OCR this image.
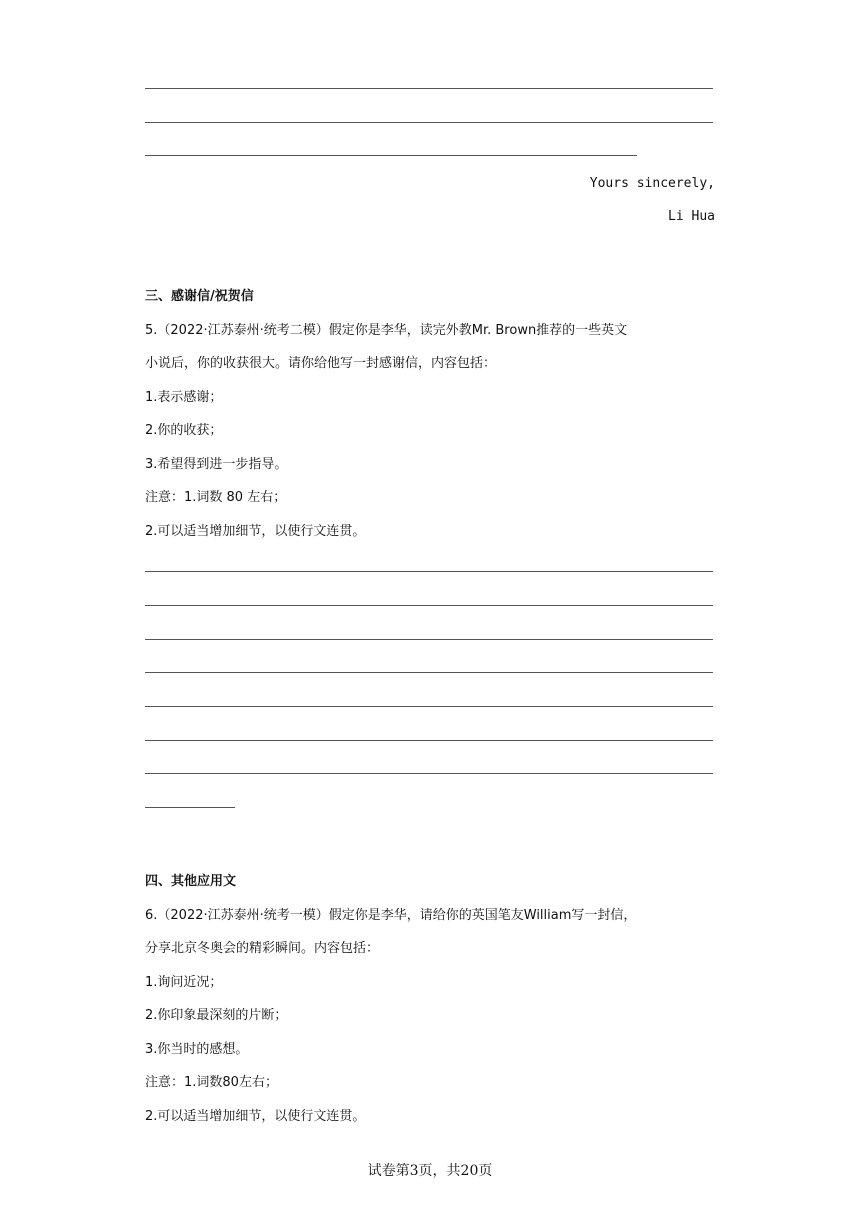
Yours sincerely,
Li Hua
三、感谢信/祝贺信
5.（2022·江苏泰州·统考二模）假定你是李华，读完外教Mr. Brown推荐的一些英文
小说后，你的收获很大。请你给他写一封感谢信，内容包括：
1.表示感谢；
2.你的收获；
3.希望得到进一步指导。
注意：1.词数 80 左右；
2.可以适当增加细节，以使行文连贯。
四、其他应用文
6.（2022·江苏泰州·统考一模）假定你是李华，请给你的英国笔友William写一封信，
分享北京冬奥会的精彩瞬间。内容包括：
1.询问近况；
2.你印象最深刻的片断；
3.你当时的感想。
注意：1.词数80左右；
2.可以适当增加细节，以使行文连贯。
试卷第3页，共20页
